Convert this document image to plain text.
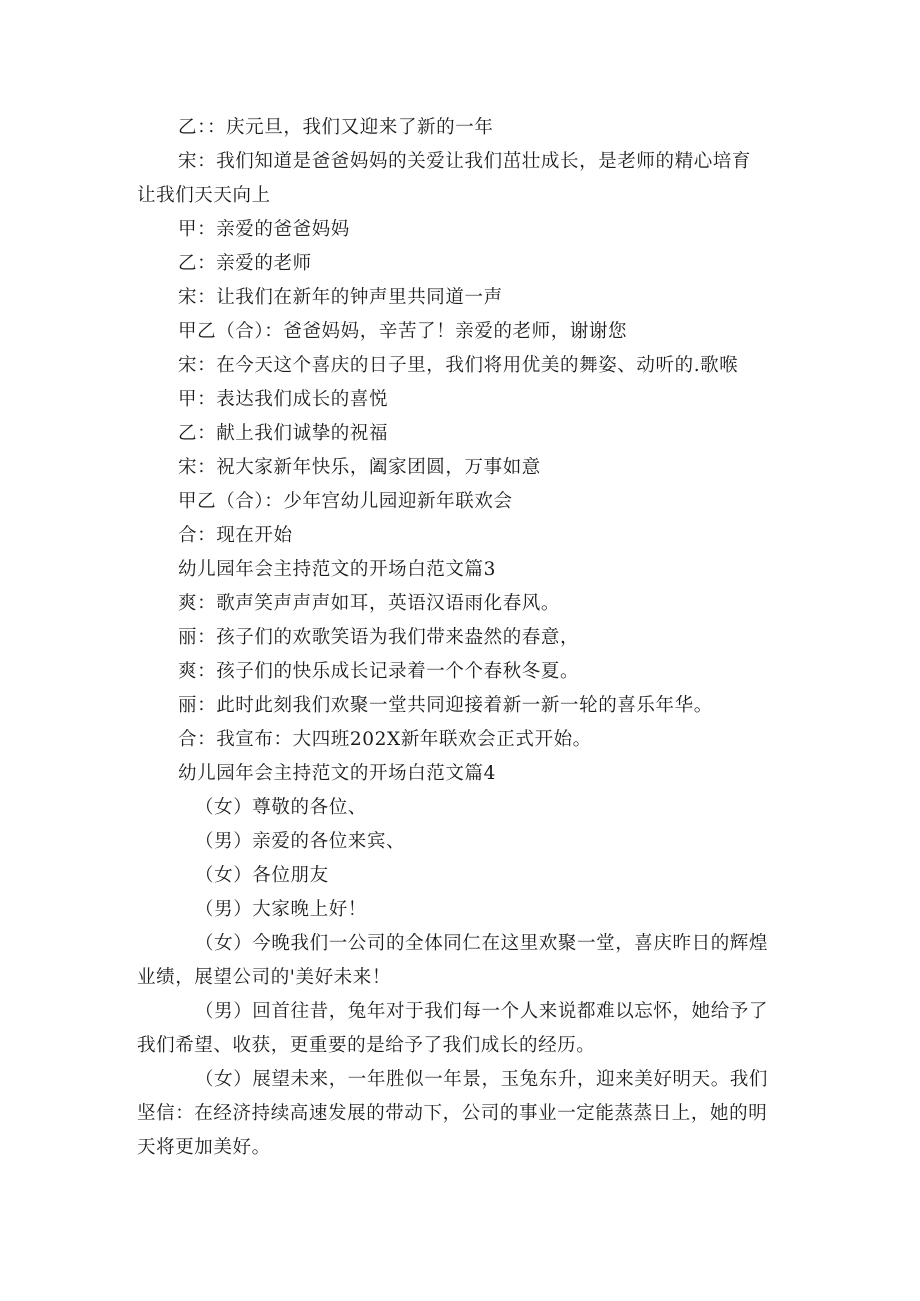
乙：：庆元旦，我们又迎来了新的一年
宋：我们知道是爸爸妈妈的关爱让我们茁壮成长，是老师的精心培育
让我们天天向上
甲：亲爱的爸爸妈妈
乙：亲爱的老师
宋：让我们在新年的钟声里共同道一声
甲乙（合）：爸爸妈妈，辛苦了！亲爱的老师，谢谢您
宋：在今天这个喜庆的日子里，我们将用优美的舞姿、动听的.歌喉
甲：表达我们成长的喜悦
乙：献上我们诚挚的祝福
宋：祝大家新年快乐，阖家团圆，万事如意
甲乙（合）：少年宫幼儿园迎新年联欢会
合：现在开始
幼儿园年会主持范文的开场白范文篇3
爽：歌声笑声声声如耳，英语汉语雨化春风。
丽：孩子们的欢歌笑语为我们带来盎然的春意，
爽：孩子们的快乐成长记录着一个个春秋冬夏。
丽：此时此刻我们欢聚一堂共同迎接着新一新一轮的喜乐年华。
合：我宣布：大四班202X新年联欢会正式开始。
幼儿园年会主持范文的开场白范文篇4
（女）尊敬的各位、
（男）亲爱的各位来宾、
（女）各位朋友
（男）大家晚上好！
（女）今晚我们一公司的全体同仁在这里欢聚一堂，喜庆昨日的辉煌
业绩，展望公司的'美好未来！
（男）回首往昔，兔年对于我们每一个人来说都难以忘怀，她给予了
我们希望、收获，更重要的是给予了我们成长的经历。
（女）展望未来，一年胜似一年景，玉兔东升，迎来美好明天。我们
坚信：在经济持续高速发展的带动下，公司的事业一定能蒸蒸日上，她的明
天将更加美好。
